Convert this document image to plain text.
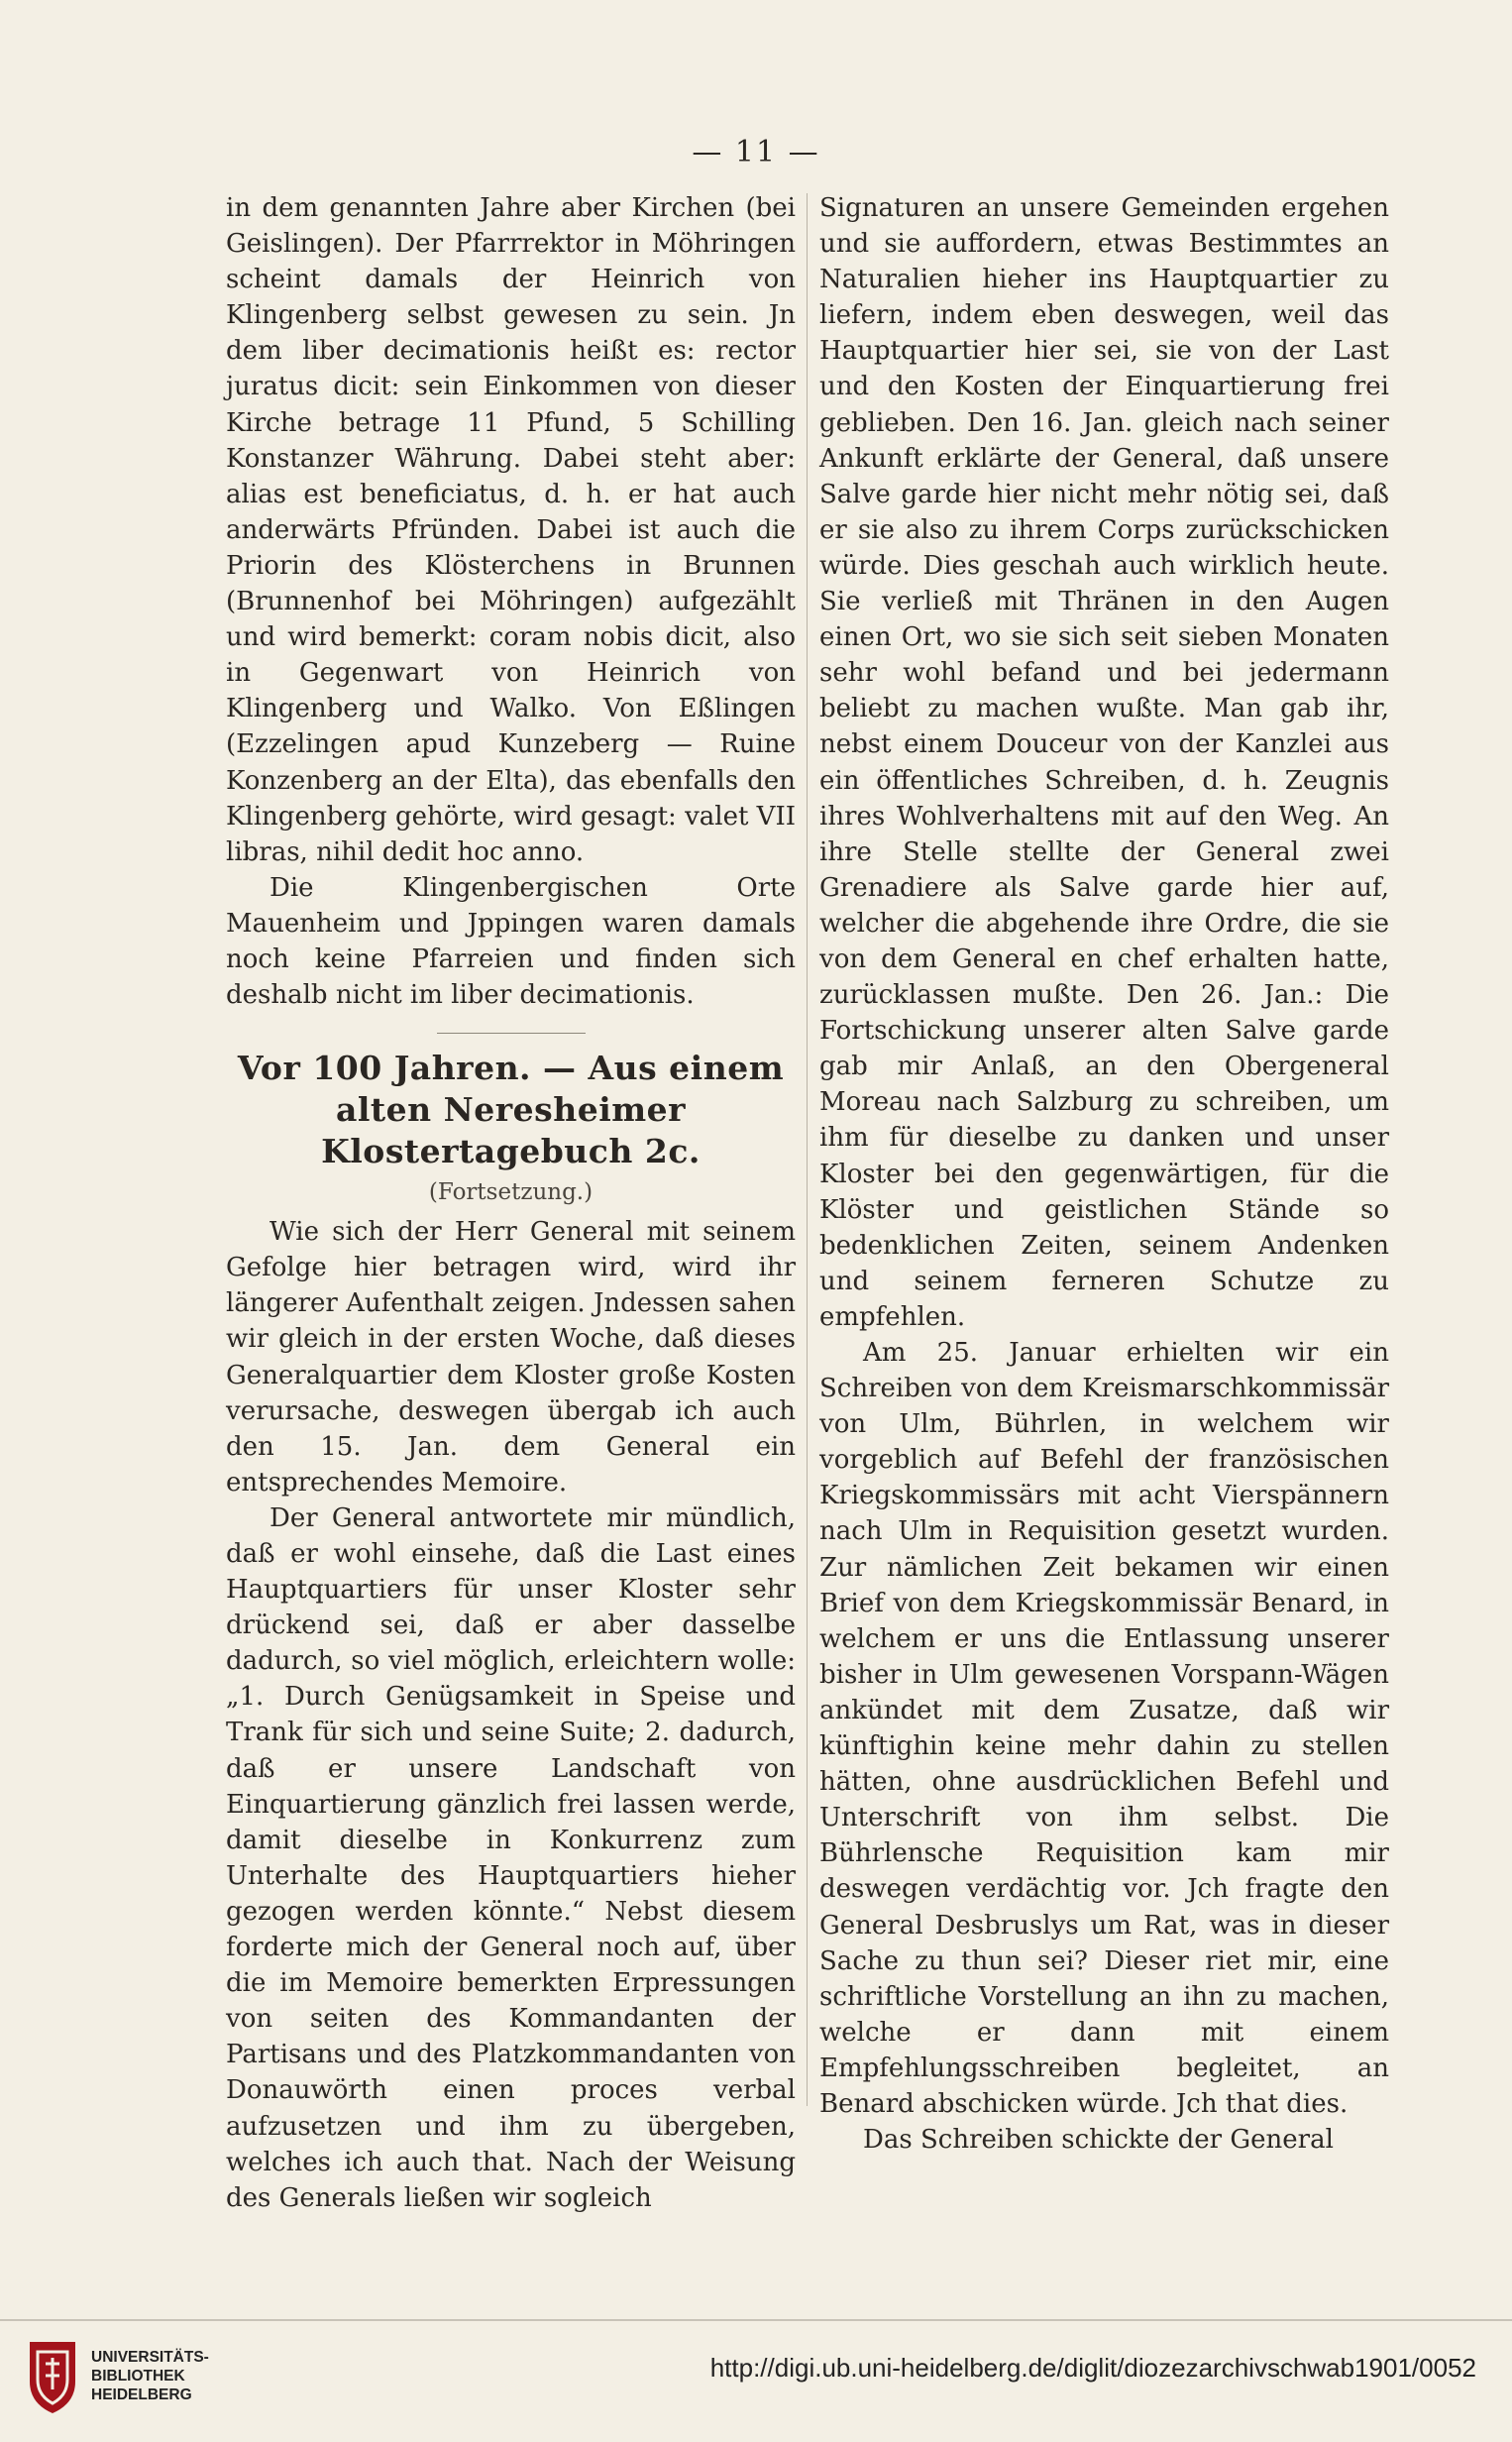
— 11 —

in dem genannten Jahre aber Kirchen (bei Geislingen). Der Pfarrrektor in Möhringen scheint damals der Heinrich von Klingenberg selbst gewesen zu sein. Jn dem liber decimationis heißt es: rector juratus dicit: sein Einkommen von dieser Kirche betrage 11 Pfund, 5 Schilling Konstanzer Währung. Dabei steht aber: alias est beneficiatus, d. h. er hat auch anderwärts Pfründen. Dabei ist auch die Priorin des Klösterchens in Brunnen (Brunnenhof bei Möhringen) aufgezählt und wird bemerkt: coram nobis dicit, also in Gegenwart von Heinrich von Klingenberg und Walko. Von Eßlingen (Ezzelingen apud Kunzeberg — Ruine Konzenberg an der Elta), das ebenfalls den Klingenberg gehörte, wird gesagt: valet VII libras, nihil dedit hoc anno.

Die Klingenbergischen Orte Mauenheim und Jppingen waren damals noch keine Pfarreien und finden sich deshalb nicht im liber decimationis.

Vor 100 Jahren. — Aus einem alten Neresheimer Klostertagebuch 2c.
(Fortsetzung.)

Wie sich der Herr General mit seinem Gefolge hier betragen wird, wird ihr längerer Aufenthalt zeigen. Jndessen sahen wir gleich in der ersten Woche, daß dieses Generalquartier dem Kloster große Kosten verursache, deswegen übergab ich auch den 15. Jan. dem General ein entsprechendes Memoire.

Der General antwortete mir mündlich, daß er wohl einsehe, daß die Last eines Hauptquartiers für unser Kloster sehr drückend sei, daß er aber dasselbe dadurch, so viel möglich, erleichtern wolle: „1. Durch Genügsamkeit in Speise und Trank für sich und seine Suite; 2. dadurch, daß er unsere Landschaft von Einquartierung gänzlich frei lassen werde, damit dieselbe in Konkurrenz zum Unterhalte des Hauptquartiers hieher gezogen werden könnte.“ Nebst diesem forderte mich der General noch auf, über die im Memoire bemerkten Erpressungen von seiten des Kommandanten der Partisans und des Platzkommandanten von Donauwörth einen proces verbal aufzusetzen und ihm zu übergeben, welches ich auch that. Nach der Weisung des Generals ließen wir sogleich

Signaturen an unsere Gemeinden ergehen und sie auffordern, etwas Bestimmtes an Naturalien hieher ins Hauptquartier zu liefern, indem eben deswegen, weil das Hauptquartier hier sei, sie von der Last und den Kosten der Einquartierung frei geblieben. Den 16. Jan. gleich nach seiner Ankunft erklärte der General, daß unsere Salve garde hier nicht mehr nötig sei, daß er sie also zu ihrem Corps zurückschicken würde. Dies geschah auch wirklich heute. Sie verließ mit Thränen in den Augen einen Ort, wo sie sich seit sieben Monaten sehr wohl befand und bei jedermann beliebt zu machen wußte. Man gab ihr, nebst einem Douceur von der Kanzlei aus ein öffentliches Schreiben, d. h. Zeugnis ihres Wohlverhaltens mit auf den Weg. An ihre Stelle stellte der General zwei Grenadiere als Salve garde hier auf, welcher die abgehende ihre Ordre, die sie von dem General en chef erhalten hatte, zurücklassen mußte. Den 26. Jan.: Die Fortschickung unserer alten Salve garde gab mir Anlaß, an den Obergeneral Moreau nach Salzburg zu schreiben, um ihm für dieselbe zu danken und unser Kloster bei den gegenwärtigen, für die Klöster und geistlichen Stände so bedenklichen Zeiten, seinem Andenken und seinem ferneren Schutze zu empfehlen.

Am 25. Januar erhielten wir ein Schreiben von dem Kreismarschkommissär von Ulm, Bührlen, in welchem wir vorgeblich auf Befehl der französischen Kriegskommissärs mit acht Vierspännern nach Ulm in Requisition gesetzt wurden. Zur nämlichen Zeit bekamen wir einen Brief von dem Kriegskommissär Benard, in welchem er uns die Entlassung unserer bisher in Ulm gewesenen Vorspann-Wägen ankündet mit dem Zusatze, daß wir künftighin keine mehr dahin zu stellen hätten, ohne ausdrücklichen Befehl und Unterschrift von ihm selbst. Die Bührlensche Requisition kam mir deswegen verdächtig vor. Jch fragte den General Desbruslys um Rat, was in dieser Sache zu thun sei? Dieser riet mir, eine schriftliche Vorstellung an ihn zu machen, welche er dann mit einem Empfehlungsschreiben begleitet, an Benard abschicken würde. Jch that dies.

Das Schreiben schickte der General

UNIVERSITÄTS-
BIBLIOTHEK
HEIDELBERG
http://digi.ub.uni-heidelberg.de/diglit/diozezarchivschwab1901/0052
